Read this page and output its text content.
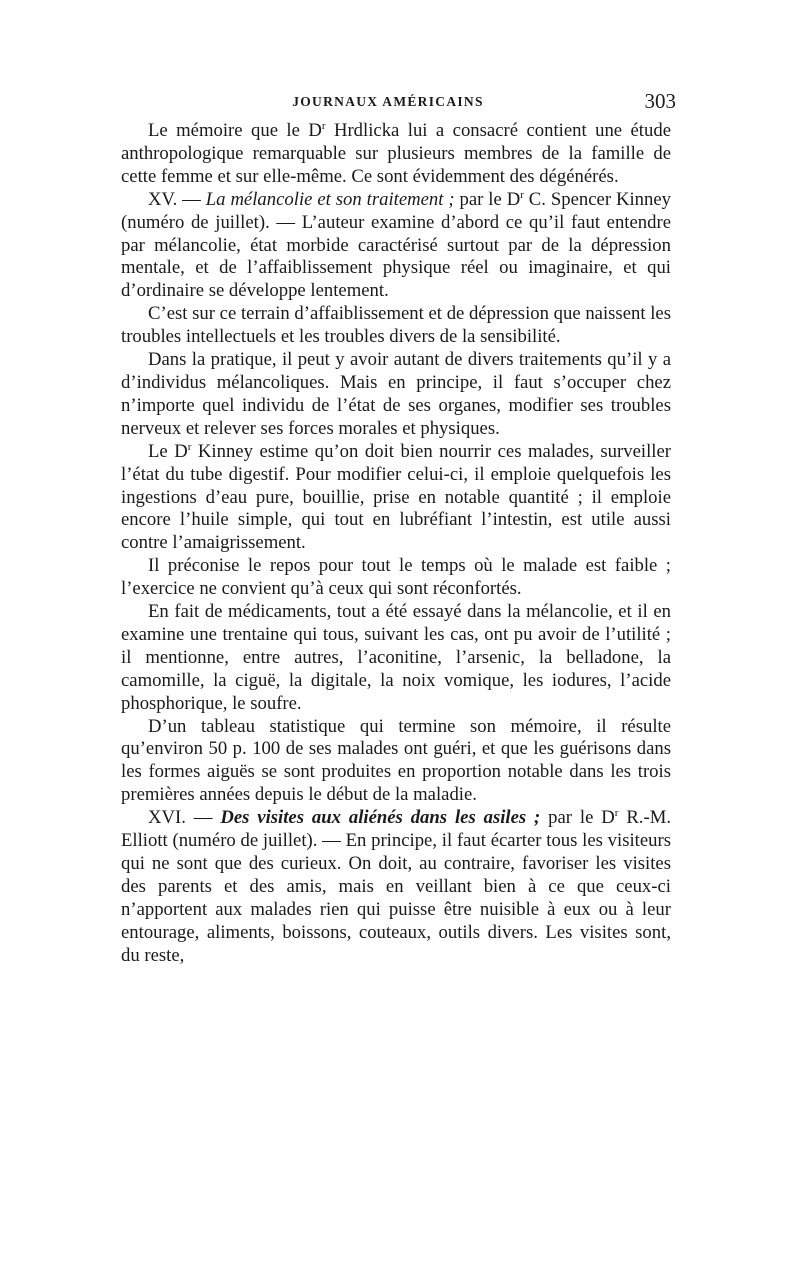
JOURNAUX AMÉRICAINS	303

Le mémoire que le $D^r$ Hrdlicka lui a consacré contient une étude anthropologique remarquable sur plusieurs membres de la famille de cette femme et sur elle-même. Ce sont évidemment des dégénérés.

XV. — La mélancolie et son traitement ; par le $D^r$ C. Spencer Kinney (numéro de juillet). — L’auteur examine d’abord ce qu’il faut entendre par mélancolie, état morbide caractérisé surtout par de la dépression mentale, et de l’affaiblissement physique réel ou imaginaire, et qui d’ordinaire se développe lentement.

C’est sur ce terrain d’affaiblissement et de dépression que naissent les troubles intellectuels et les troubles divers de la sensibilité.

Dans la pratique, il peut y avoir autant de divers traitements qu’il y a d’individus mélancoliques. Mais en principe, il faut s’occuper chez n’importe quel individu de l’état de ses organes, modifier ses troubles nerveux et relever ses forces morales et physiques.

Le $D^r$ Kinney estime qu’on doit bien nourrir ces malades, surveiller l’état du tube digestif. Pour modifier celui-ci, il emploie quelquefois les ingestions d’eau pure, bouillie, prise en notable quantité ; il emploie encore l’huile simple, qui tout en lubréfiant l’intestin, est utile aussi contre l’amaigrissement.

Il préconise le repos pour tout le temps où le malade est faible ; l’exercice ne convient qu’à ceux qui sont réconfortés.

En fait de médicaments, tout a été essayé dans la mélancolie, et il en examine une trentaine qui tous, suivant les cas, ont pu avoir de l’utilité ; il mentionne, entre autres, l’aconitine, l’arsenic, la belladone, la camomille, la ciguë, la digitale, la noix vomique, les iodures, l’acide phosphorique, le soufre.

D’un tableau statistique qui termine son mémoire, il résulte qu’environ 50 p. 100 de ses malades ont guéri, et que les guérisons dans les formes aiguës se sont produites en proportion notable dans les trois premières années depuis le début de la maladie.

XVI. — Des visites aux aliénés dans les asiles ; par le $D^r$ R.-M. Elliott (numéro de juillet). — En principe, il faut écarter tous les visiteurs qui ne sont que des curieux. On doit, au contraire, favoriser les visites des parents et des amis, mais en veillant bien à ce que ceux-ci n’apportent aux malades rien qui puisse être nuisible à eux ou à leur entourage, aliments, boissons, couteaux, outils divers. Les visites sont, du reste,
